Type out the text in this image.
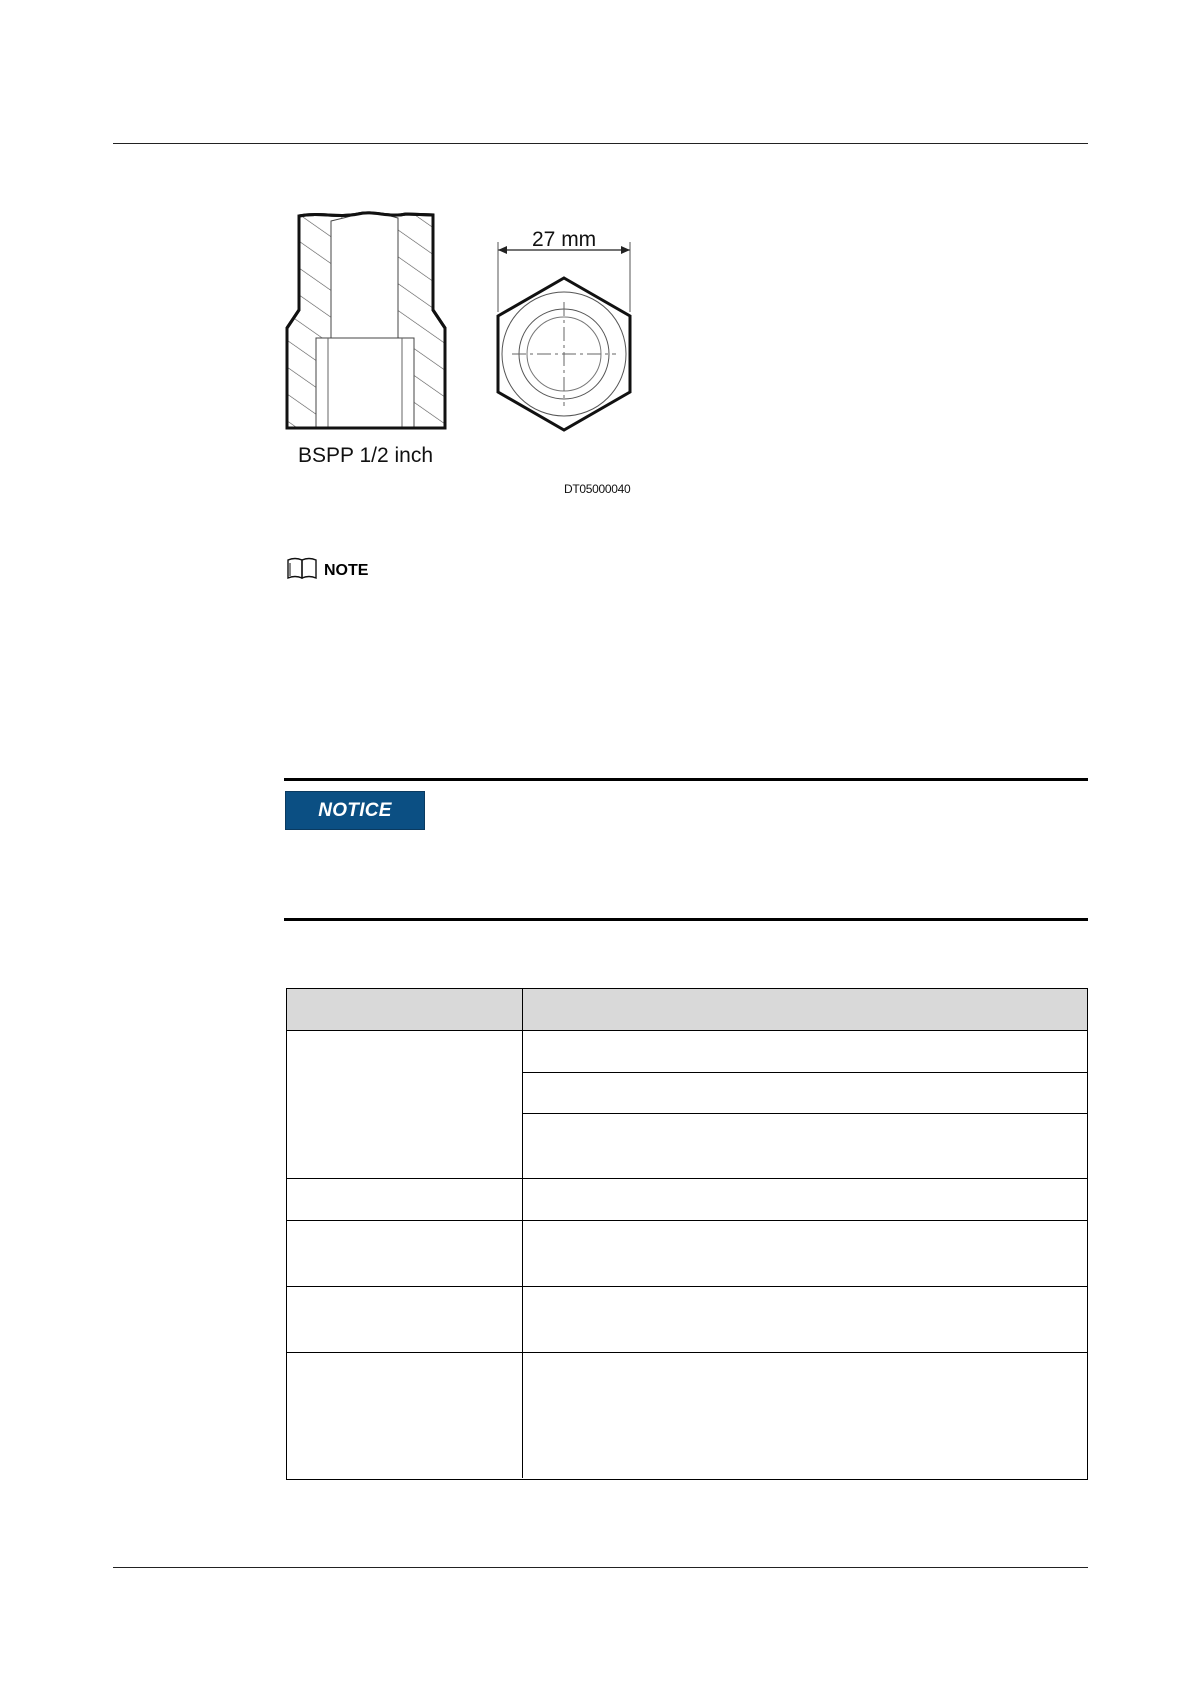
27 mm
BSPP 1/2 inch
DT05000040
NOTE
NOTICE
